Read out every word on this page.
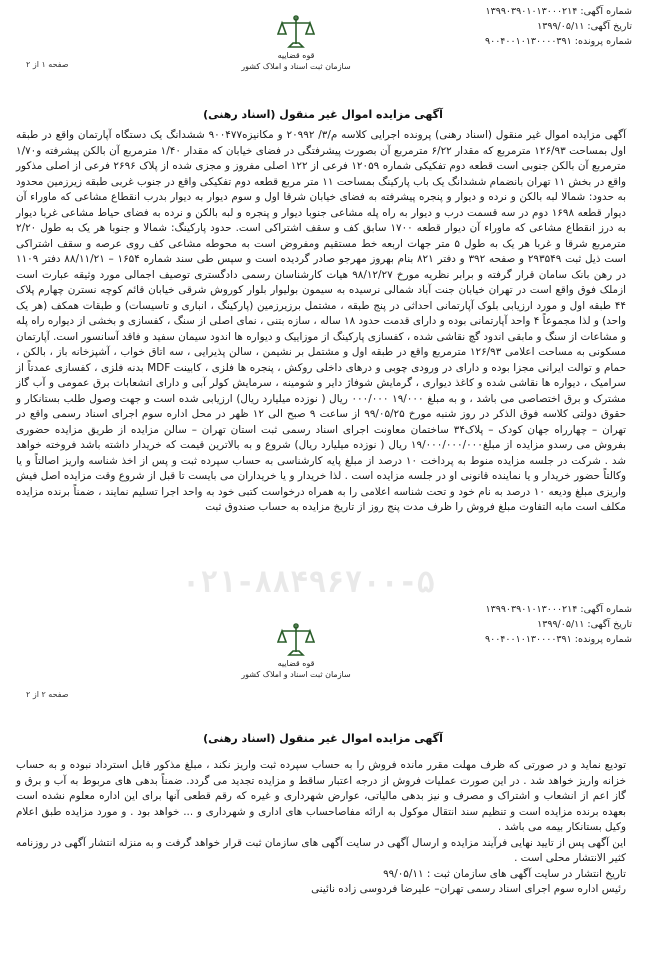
شماره آگهی: ۱۳۹۹۰۳۹۰۱۰۱۳۰۰۰۲۱۴
تاریخ آگهی: ۱۳۹۹/۰۵/۱۱
شماره پرونده: ۹۰۰۴۰۰۱۰۱۳۰۰۰۰۳۹۱
قوه قضاییه
سازمان ثبت اسناد و املاک کشور
صفحه ۱ از ۲
آگهی مزایده اموال غیر منقول (اسناد رهنی)
۰۲۱-۸۸۴۹۶۷۰۰-۵
آگهی مزایده اموال غیر منقول (اسناد رهنی) پرونده اجرایی کلاسه م/۳/ ۲۰۹۹۲ و مکانیزه۹۰۰۴۷۷ ششدانگ یک دستگاه آپارتمان واقع در طبقه اول بمساحت ۱۲۶/۹۳ مترمربع که مقدار ۶/۲۲ مترمربع آن بصورت پیشرفتگی در فضای خیابان که مقدار ۱/۴۰ مترمربع آن بالکن پیشرفته و۱/۷۰ مترمربع آن بالکن جنوبی است قطعه دوم تفکیکی شماره ۱۲۰۵۹ فرعی از ۱۲۲ اصلی مفروز و مجزی شده از پلاک ۲۶۹۶ فرعی از اصلی مذکور واقع در بخش ۱۱ تهران بانضمام ششدانگ یک باب پارکینگ بمساحت ۱۱ متر مربع قطعه دوم تفکیکی واقع در جنوب غربی طبقه زیرزمین محدود به حدود: شمالا لبه بالکن و نرده و دیوار و پنجره پیشرفته به فضای خیابان شرقا اول و سوم دیوار به دیوار بدرب انقطاع مشاعی که ماوراء آن دیوار قطعه ۱۶۹۸ دوم در سه قسمت درب و دیوار به راه پله مشاعی جنوبا دیوار و پنجره و لبه بالکن و نرده به فضای حیاط مشاعی غربا دیوار به درز انقطاع مشاعی که ماوراء آن دیوار قطعه ۱۷۰۰ سابق کف و سقف اشتراکی است. حدود پارکینگ: شمالا و جنوبا هر یک به طول ۲/۲۰ مترمربع شرقا و غربا هر یک به طول ۵ متر جهات اربعه خط مستقیم ومفروض است به محوطه مشاعی کف روی عرصه و سقف اشتراکی است ذیل ثبت ۲۹۳۵۴۹ و صفحه ۳۹۲ و دفتر ۸۲۱ بنام بهروز مهرجو صادر گردیده است و سپس طی سند شماره ۱۶۵۴ – ۸۸/۱۱/۲۱ دفتر ۱۱۰۹ در رهن بانک سامان قرار گرفته و برابر نظریه مورخ ۹۸/۱۲/۲۷ هیات کارشناسان رسمی دادگستری توصیف اجمالی مورد وثیقه عبارت است ازملک فوق واقع است در تهران خیابان جنت آباد شمالی نرسیده به سیمون بولیوار بلوار کوروش شرقی خیابان قائم کوچه نسترن چهارم پلاک ۴۴ طبقه اول و مورد ارزیابی بلوک آپارتمانی احداثی در پنج طبقه ، مشتمل برزیرزمین (پارکینگ ، انباری و تاسیسات) و طبقات همکف (هر یک واحد) و لذا مجموعاً ۴ واحد آپارتمانی بوده و دارای قدمت حدود ۱۸ ساله ، سازه بتنی ، نمای اصلی از سنگ ، کفسازی و بخشی از دیواره راه پله و مشاعات از سنگ و مابقی اندود گچ نقاشی شده ، کفسازی پارکینگ از موزاییک و دیواره ها اندود سیمان سفید و فاقد آسانسور است. آپارتمان مسکونی به مساحت اعلامی ۱۲۶/۹۳ مترمربع واقع در طبقه اول و مشتمل بر نشیمن ، سالن پذیرایی ، سه اتاق خواب ، آشپزخانه باز ، بالکن ، حمام و توالت ایرانی مجزا بوده و دارای در ورودی چوبی و درهای داخلی روکش ، پنجره ها فلزی ، کابینت MDF بدنه فلزی ، کفسازی عمدتاً از سرامیک ، دیواره ها نقاشی شده و کاغذ دیواری ، گرمایش شوفاژ دایر و شومینه ، سرمایش کولر آبی و دارای انشعابات برق عمومی و آب گاز مشترک و برق اختصاصی می باشد ، و به مبلغ ۱۹/۰۰۰ ۰۰۰/۰۰۰ ریال ( نوزده میلیارد ریال) ارزیابی شده است و جهت وصول طلب بستانکار و حقوق دولتی کلاسه فوق الذکر در روز شنبه مورخ ۹۹/۰۵/۲۵ از ساعت ۹ صبح الی ۱۲ ظهر در محل اداره سوم اجرای اسناد رسمی واقع در تهران – چهارراه جهان کودک – پلاک۳۴ ساختمان معاونت اجرای اسناد رسمی ثبت استان تهران – سالن مزایده از طریق مزایده حضوری بفروش می رسدو مزایده از مبلغ۱۹/۰۰۰/۰۰۰/۰۰۰ ریال ( نوزده میلیارد ریال) شروع و به بالاترین قیمت که خریدار داشته باشد فروخته خواهد شد . شرکت در جلسه مزایده منوط به پرداخت ۱۰ درصد از مبلغ پایه کارشناسی به حساب سپرده ثبت و پس از اخذ شناسه واریز اصالتاً و یا وکالتاً حضور خریدار و یا نماینده قانونی او در جلسه مزایده است . لذا خریدار و یا خریداران می بایست تا قبل از شروع وقت مزایده اصل فیش واریزی مبلغ ودیعه ۱۰ درصد به نام خود و تحت شناسه اعلامی را به همراه درخواست کتبی خود به واحد اجرا تسلیم نمایند ، ضمناً برنده مزایده مکلف است مابه التفاوت مبلغ فروش را ظرف مدت پنج روز از تاریخ مزایده به حساب صندوق ثبت
شماره آگهی: ۱۳۹۹۰۳۹۰۱۰۱۳۰۰۰۲۱۴
تاریخ آگهی: ۱۳۹۹/۰۵/۱۱
شماره پرونده: ۹۰۰۴۰۰۱۰۱۳۰۰۰۰۳۹۱
قوه قضاییه
سازمان ثبت اسناد و املاک کشور
صفحه ۲ از ۲
آگهی مزایده اموال غیر منقول (اسناد رهنی)
تودیع نماید و در صورتی که ظرف مهلت مقرر مانده فروش را به حساب سپرده ثبت واریز نکند ، مبلغ مذکور قابل استرداد نبوده و به حساب خزانه واریز خواهد شد . در این صورت عملیات فروش از درجه اعتبار ساقط و مزایده تجدید می گردد. ضمناً بدهی های مربوط به آب و برق و گاز اعم از انشعاب و اشتراک و مصرف و نیز بدهی مالیاتی، عوارض شهرداری و غیره که رقم قطعی آنها برای این اداره معلوم نشده است بعهده برنده مزایده است و تنظیم سند انتقال موکول به ارائه مفاصاحساب های اداری و شهرداری و ... خواهد بود . و مورد مزایده طبق اعلام وکیل بستانکار بیمه می باشد .
این آگهی پس از تایید نهایی فرآیند مزایده و ارسال آگهی در سایت آگهی های سازمان ثبت قرار خواهد گرفت و به منزله انتشار آگهی در روزنامه کثیر الانتشار محلی است .
تاریخ انتشار در سایت آگهی های سازمان ثبت : ۹۹/۰۵/۱۱
رئیس اداره سوم اجرای اسناد رسمی تهران– علیرضا فردوسی زاده نائینی
